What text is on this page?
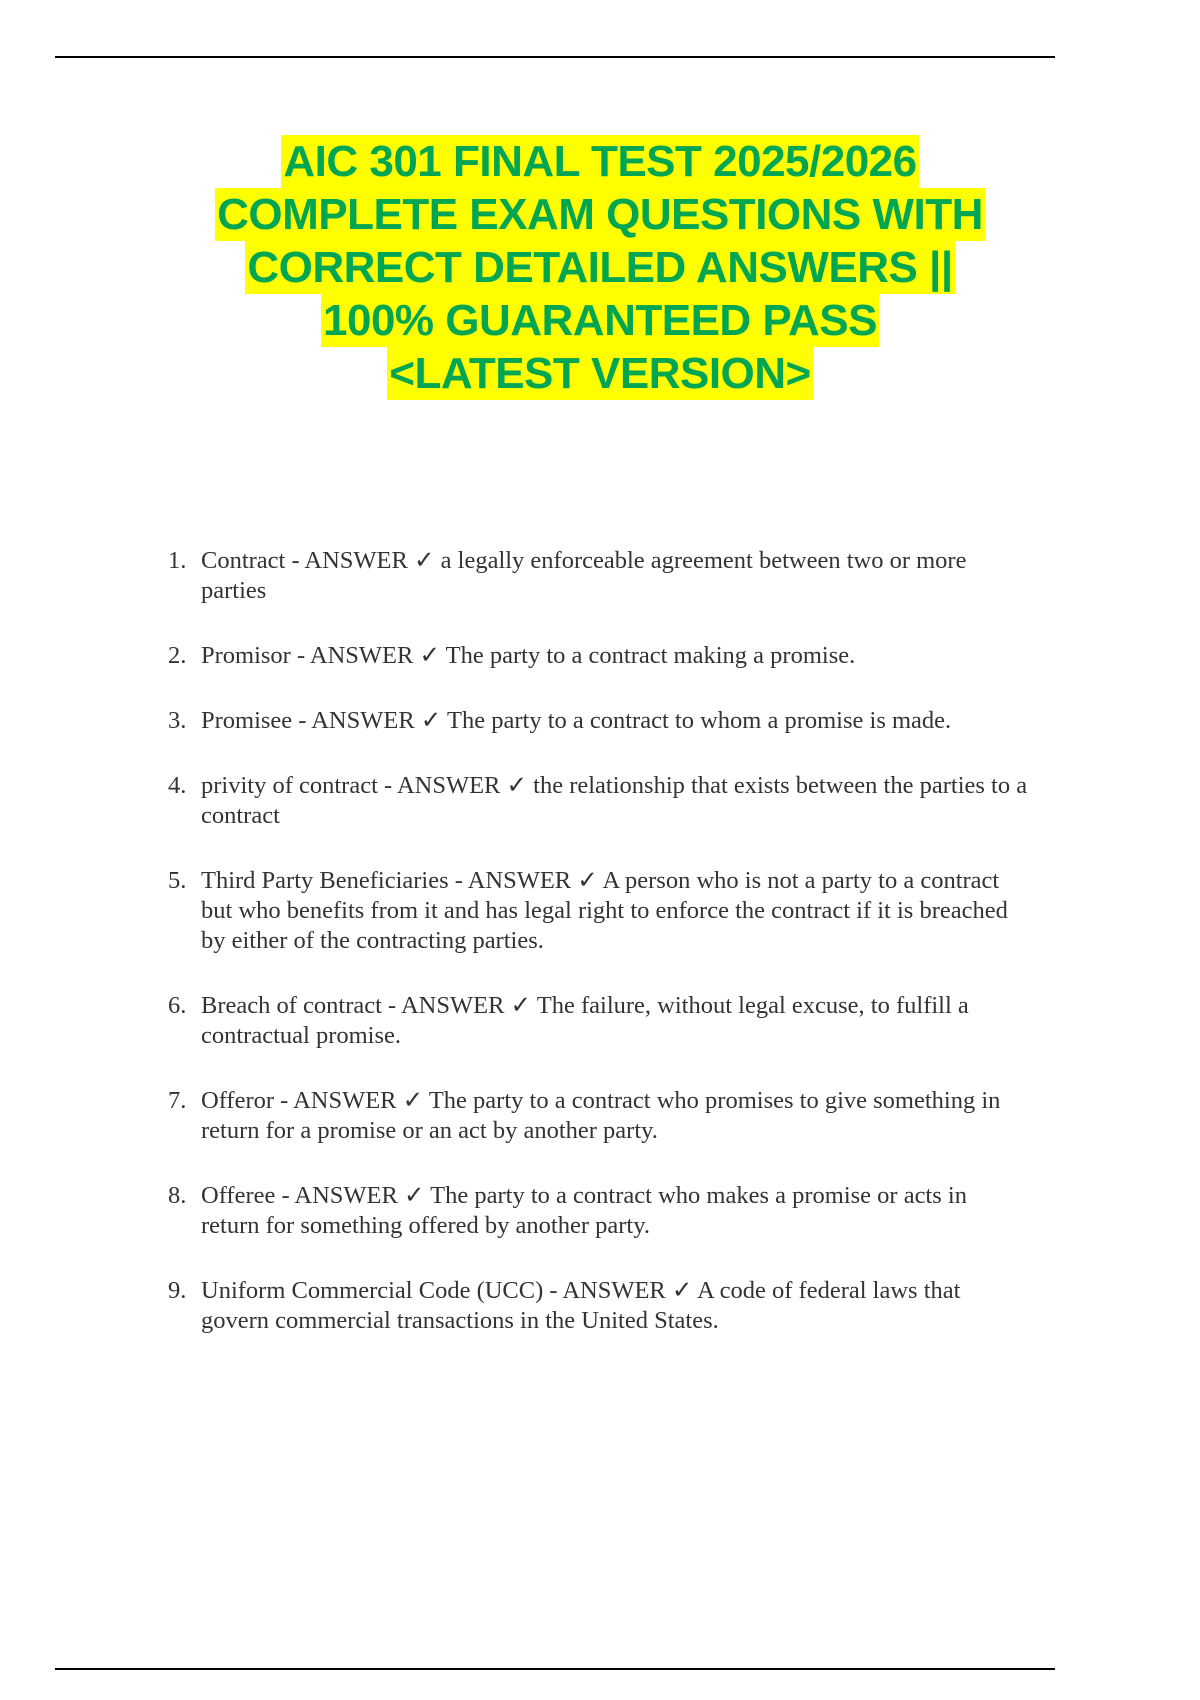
AIC 301 FINAL TEST 2025/2026
COMPLETE EXAM QUESTIONS WITH
CORRECT DETAILED ANSWERS ||
100% GUARANTEED PASS
<LATEST VERSION>
1. Contract - ANSWER ✓ a legally enforceable agreement between two or more parties
2. Promisor - ANSWER ✓ The party to a contract making a promise.
3. Promisee - ANSWER ✓ The party to a contract to whom a promise is made.
4. privity of contract - ANSWER ✓ the relationship that exists between the parties to a contract
5. Third Party Beneficiaries - ANSWER ✓ A person who is not a party to a contract but who benefits from it and has legal right to enforce the contract if it is breached by either of the contracting parties.
6. Breach of contract - ANSWER ✓ The failure, without legal excuse, to fulfill a contractual promise.
7. Offeror - ANSWER ✓ The party to a contract who promises to give something in return for a promise or an act by another party.
8. Offeree - ANSWER ✓ The party to a contract who makes a promise or acts in return for something offered by another party.
9. Uniform Commercial Code (UCC) - ANSWER ✓ A code of federal laws that govern commercial transactions in the United States.
